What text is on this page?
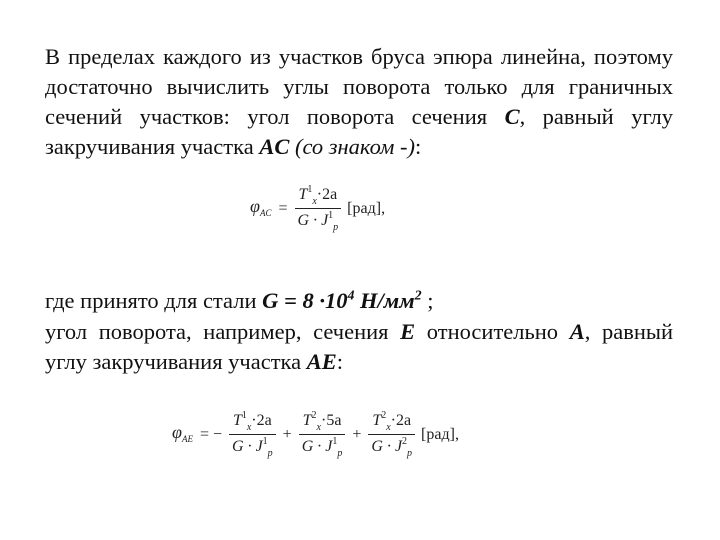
В пределах каждого из участков бруса эпюра линейна, поэтому достаточно вычислить углы поворота только для граничных сечений участков: угол поворота сечения C, равный углу закручивания участка AC (со знаком -):

$\varphi_{AC} = \frac{T^1_x\cdot 2a}{G \cdot J^1_p} [рад]$,

где принято для стали $G = 8 \cdot 10^4$ $Н/мм^2$ ;

угол поворота, например, сечения E относительно A, равный углу закручивания участка AE:

$\varphi_{AE}$ = − $\frac{T^1_x\cdot 2a}{G \cdot J^1_p} + \frac{T^2_x\cdot 5a}{G \cdot J^1_p} + \frac{T^2_x\cdot 2a}{G \cdot J^2_p} [рад]$,
